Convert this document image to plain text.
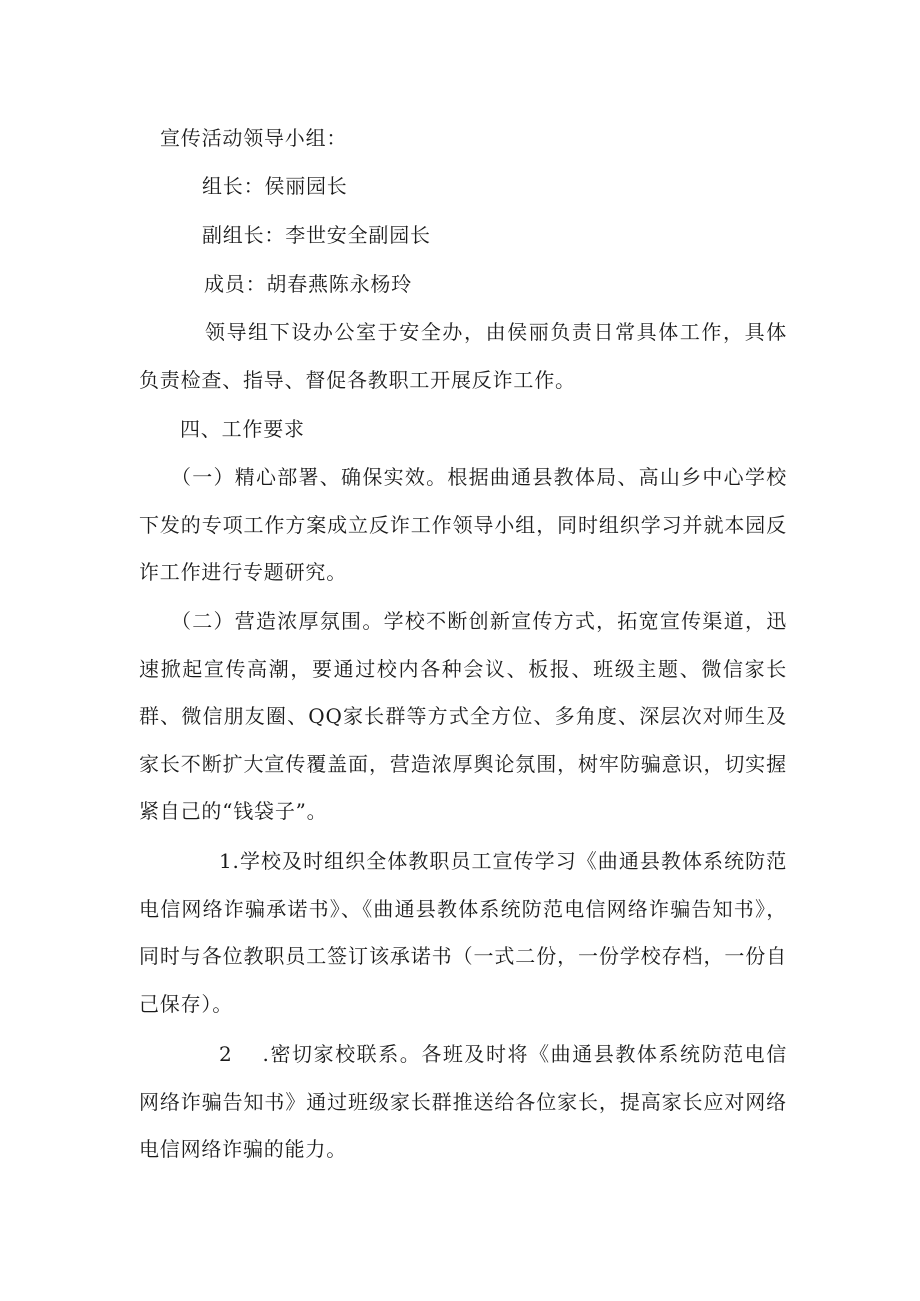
宣传活动领导小组：
组长：侯丽园长
副组长：李世安全副园长
成员：胡春燕陈永杨玲
领导组下设办公室于安全办，由侯丽负责日常具体工作，具体负责检查、指导、督促各教职工开展反诈工作。
四、工作要求
（一）精心部署、确保实效。根据曲通县教体局、高山乡中心学校下发的专项工作方案成立反诈工作领导小组，同时组织学习并就本园反诈工作进行专题研究。
（二）营造浓厚氛围。学校不断创新宣传方式，拓宽宣传渠道，迅速掀起宣传高潮，要通过校内各种会议、板报、班级主题、微信家长群、微信朋友圈、QQ家长群等方式全方位、多角度、深层次对师生及家长不断扩大宣传覆盖面，营造浓厚舆论氛围，树牢防骗意识，切实握紧自己的“钱袋子”。
1.学校及时组织全体教职员工宣传学习《曲通县教体系统防范电信网络诈骗承诺书》、《曲通县教体系统防范电信网络诈骗告知书》，同时与各位教职员工签订该承诺书（一式二份，一份学校存档，一份自己保存）。
2 .密切家校联系。各班及时将《曲通县教体系统防范电信网络诈骗告知书》通过班级家长群推送给各位家长，提高家长应对网络电信网络诈骗的能力。
